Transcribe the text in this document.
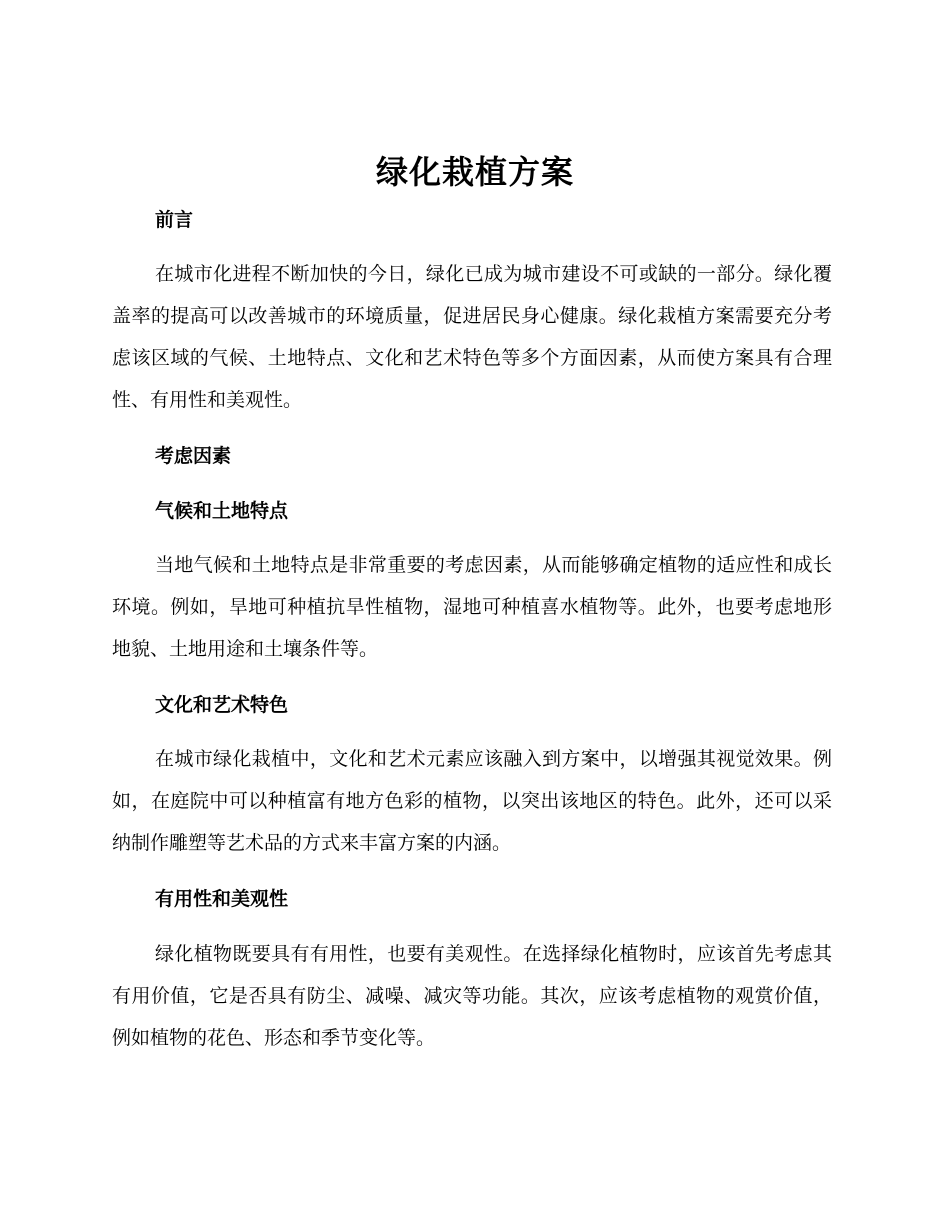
绿化栽植方案
前言

在城市化进程不断加快的今日，绿化已成为城市建设不可或缺的一部分。绿化覆盖率的提高可以改善城市的环境质量，促进居民身心健康。绿化栽植方案需要充分考虑该区域的气候、土地特点、文化和艺术特色等多个方面因素，从而使方案具有合理性、有用性和美观性。

考虑因素
气候和土地特点

当地气候和土地特点是非常重要的考虑因素，从而能够确定植物的适应性和成长环境。例如，旱地可种植抗旱性植物，湿地可种植喜水植物等。此外，也要考虑地形地貌、土地用途和土壤条件等。

文化和艺术特色

在城市绿化栽植中，文化和艺术元素应该融入到方案中，以增强其视觉效果。例如，在庭院中可以种植富有地方色彩的植物，以突出该地区的特色。此外，还可以采纳制作雕塑等艺术品的方式来丰富方案的内涵。

有用性和美观性

绿化植物既要具有有用性，也要有美观性。在选择绿化植物时，应该首先考虑其有用价值，它是否具有防尘、减噪、减灾等功能。其次，应该考虑植物的观赏价值，例如植物的花色、形态和季节变化等。
